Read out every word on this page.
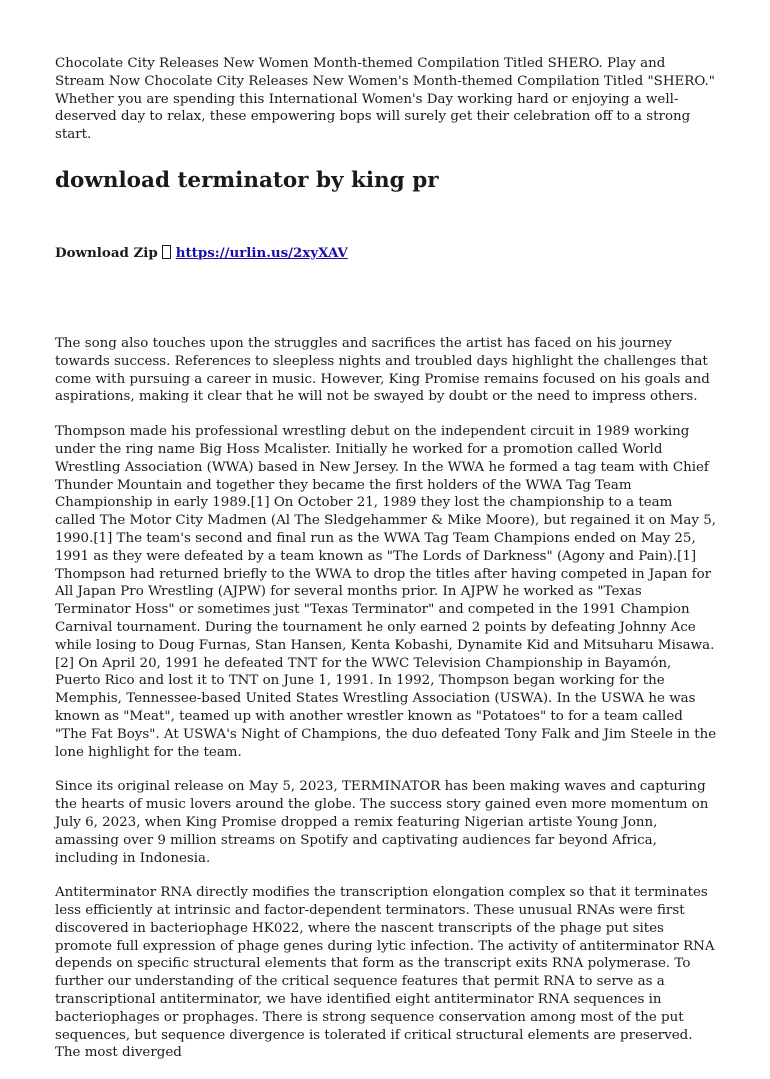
Chocolate City Releases New Women Month-themed Compilation Titled SHERO. Play and Stream Now Chocolate City Releases New Women's Month-themed Compilation Titled "SHERO." Whether you are spending this International Women's Day working hard or enjoying a well-deserved day to relax, these empowering bops will surely get their celebration off to a strong start.

download terminator by king pr
Download Zip https://urlin.us/2xyXAV

The song also touches upon the struggles and sacrifices the artist has faced on his journey towards success. References to sleepless nights and troubled days highlight the challenges that come with pursuing a career in music. However, King Promise remains focused on his goals and aspirations, making it clear that he will not be swayed by doubt or the need to impress others.

Thompson made his professional wrestling debut on the independent circuit in 1989 working under the ring name Big Hoss Mcalister. Initially he worked for a promotion called World Wrestling Association (WWA) based in New Jersey. In the WWA he formed a tag team with Chief Thunder Mountain and together they became the first holders of the WWA Tag Team Championship in early 1989.[1] On October 21, 1989 they lost the championship to a team called The Motor City Madmen (Al The Sledgehammer & Mike Moore), but regained it on May 5, 1990.[1] The team's second and final run as the WWA Tag Team Champions ended on May 25, 1991 as they were defeated by a team known as "The Lords of Darkness" (Agony and Pain).[1] Thompson had returned briefly to the WWA to drop the titles after having competed in Japan for All Japan Pro Wrestling (AJPW) for several months prior. In AJPW he worked as "Texas Terminator Hoss" or sometimes just "Texas Terminator" and competed in the 1991 Champion Carnival tournament. During the tournament he only earned 2 points by defeating Johnny Ace while losing to Doug Furnas, Stan Hansen, Kenta Kobashi, Dynamite Kid and Mitsuharu Misawa.[2] On April 20, 1991 he defeated TNT for the WWC Television Championship in Bayamón, Puerto Rico and lost it to TNT on June 1, 1991. In 1992, Thompson began working for the Memphis, Tennessee-based United States Wrestling Association (USWA). In the USWA he was known as "Meat", teamed up with another wrestler known as "Potatoes" to for a team called "The Fat Boys". At USWA's Night of Champions, the duo defeated Tony Falk and Jim Steele in the lone highlight for the team.

Since its original release on May 5, 2023, TERMINATOR has been making waves and capturing the hearts of music lovers around the globe. The success story gained even more momentum on July 6, 2023, when King Promise dropped a remix featuring Nigerian artiste Young Jonn, amassing over 9 million streams on Spotify and captivating audiences far beyond Africa, including in Indonesia.

Antiterminator RNA directly modifies the transcription elongation complex so that it terminates less efficiently at intrinsic and factor-dependent terminators. These unusual RNAs were first discovered in bacteriophage HK022, where the nascent transcripts of the phage put sites promote full expression of phage genes during lytic infection. The activity of antiterminator RNA depends on specific structural elements that form as the transcript exits RNA polymerase. To further our understanding of the critical sequence features that permit RNA to serve as a transcriptional antiterminator, we have identified eight antiterminator RNA sequences in bacteriophages or prophages. There is strong sequence conservation among most of the put sequences, but sequence divergence is tolerated if critical structural elements are preserved. The most diverged
